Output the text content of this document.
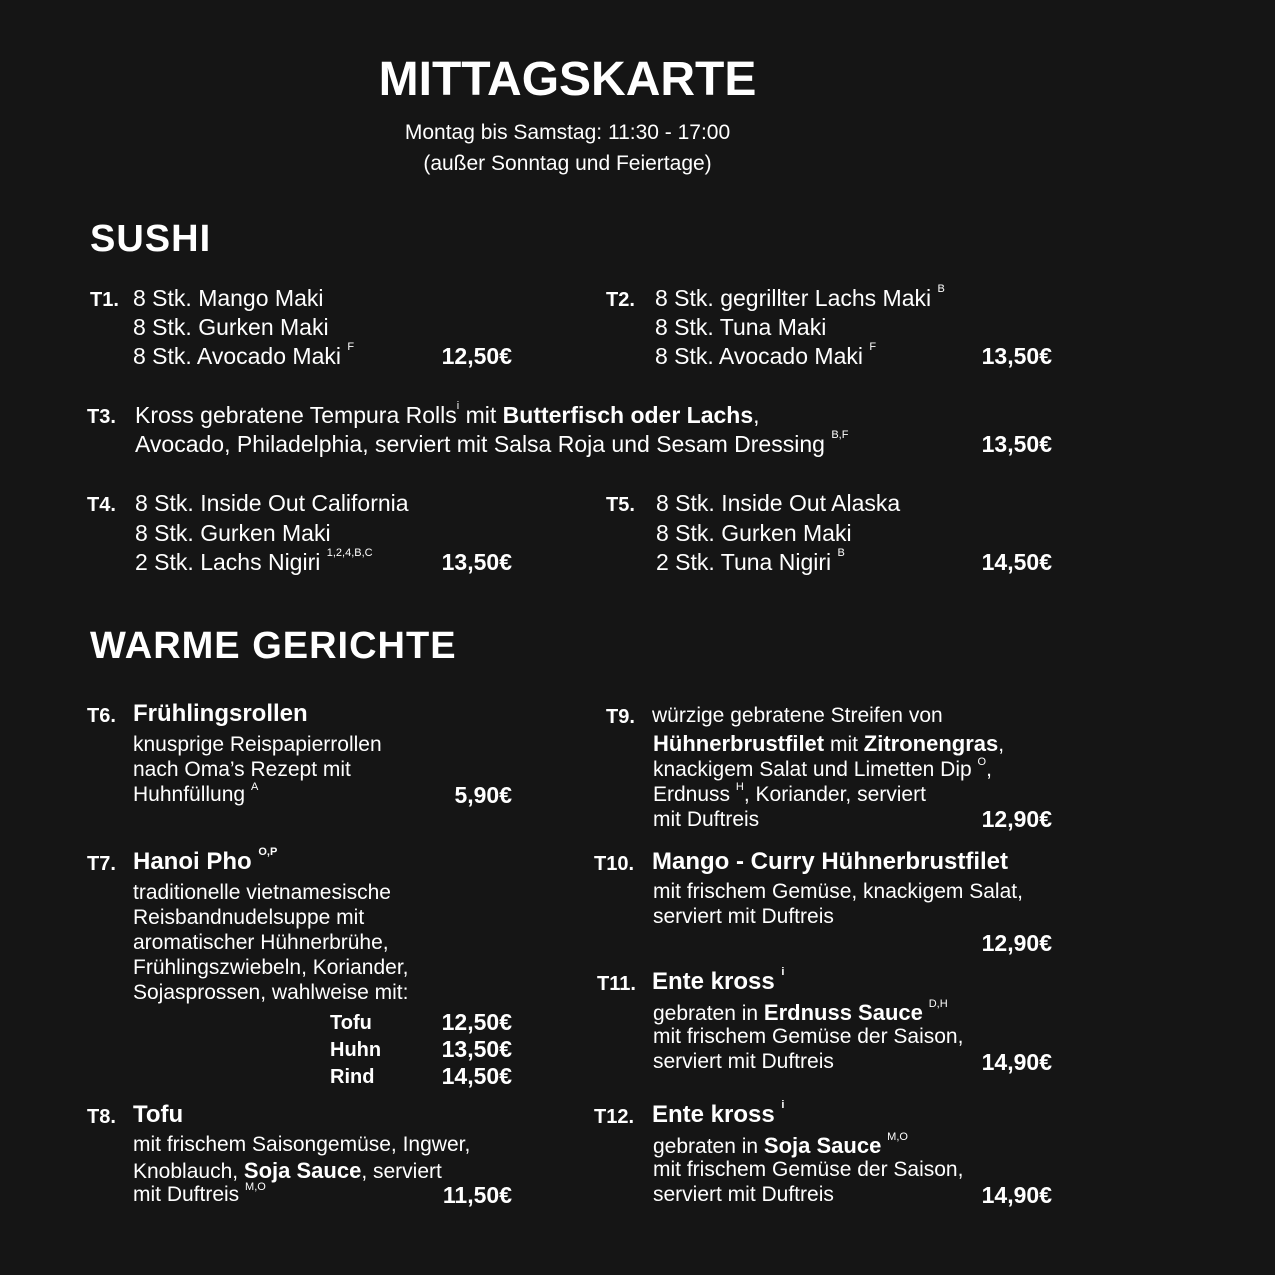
MITTAGSKARTE
Montag bis Samstag: 11:30 - 17:00
(außer Sonntag und Feiertage)
SUSHI
T1. 8 Stk. Mango Maki
8 Stk. Gurken Maki
8 Stk. Avocado Maki $^F$	12,50€
T2. 8 Stk. gegrillter Lachs Maki $^B$
8 Stk. Tuna Maki
8 Stk. Avocado Maki $^F$	13,50€
T3. Kross gebratene Tempura Rolls$^i$ mit Butterfisch oder Lachs,
Avocado, Philadelphia, serviert mit Salsa Roja und Sesam Dressing $^{B,F}$	13,50€
T4. 8 Stk. Inside Out California
8 Stk. Gurken Maki
2 Stk. Lachs Nigiri $^{1,2,4,B,C}$	13,50€
T5. 8 Stk. Inside Out Alaska
8 Stk. Gurken Maki
2 Stk. Tuna Nigiri $^B$	14,50€
WARME GERICHTE
T6. Frühlingsrollen
knusprige Reispapierrollen
nach Oma’s Rezept mit
Huhnfüllung $^A$	5,90€
T7. Hanoi Pho $^{O,P}$
traditionelle vietnamesische
Reisbandnudelsuppe mit
aromatischer Hühnerbrühe,
Frühlingszwiebeln, Koriander,
Sojasprossen, wahlweise mit:
Tofu	12,50€
Huhn	13,50€
Rind	14,50€
T8. Tofu
mit frischem Saisongemüse, Ingwer,
Knoblauch, Soja Sauce, serviert
mit Duftreis $^{M,O}$	11,50€
T9. würzige gebratene Streifen von
Hühnerbrustfilet mit Zitronengras,
knackigem Salat und Limetten Dip $^O$,
Erdnuss $^H$, Koriander, serviert
mit Duftreis	12,90€
T10. Mango - Curry Hühnerbrustfilet
mit frischem Gemüse, knackigem Salat,
serviert mit Duftreis
12,90€
T11. Ente kross $^i$
gebraten in Erdnuss Sauce $^{D,H}$
mit frischem Gemüse der Saison,
serviert mit Duftreis	14,90€
T12. Ente kross $^i$
gebraten in Soja Sauce $^{M,O}$
mit frischem Gemüse der Saison,
serviert mit Duftreis	14,90€
